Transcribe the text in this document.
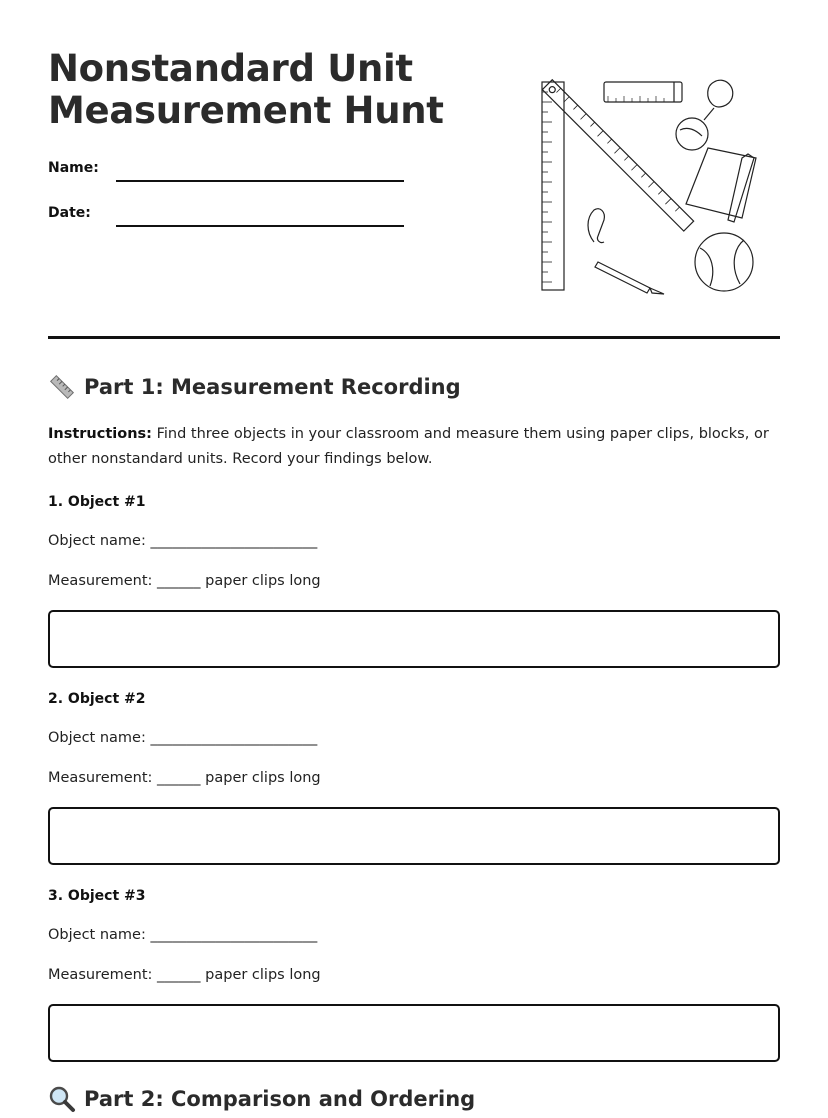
Nonstandard Unit
Measurement Hunt
Name:
Date:
Part 1: Measurement Recording
Instructions: Find three objects in your classroom and measure them using paper clips, blocks, or other nonstandard units. Record your findings below.
1. Object #1
Object name: _______________________
Measurement: ______ paper clips long
2. Object #2
Object name: _______________________
Measurement: ______ paper clips long
3. Object #3
Object name: _______________________
Measurement: ______ paper clips long
Part 2: Comparison and Ordering
